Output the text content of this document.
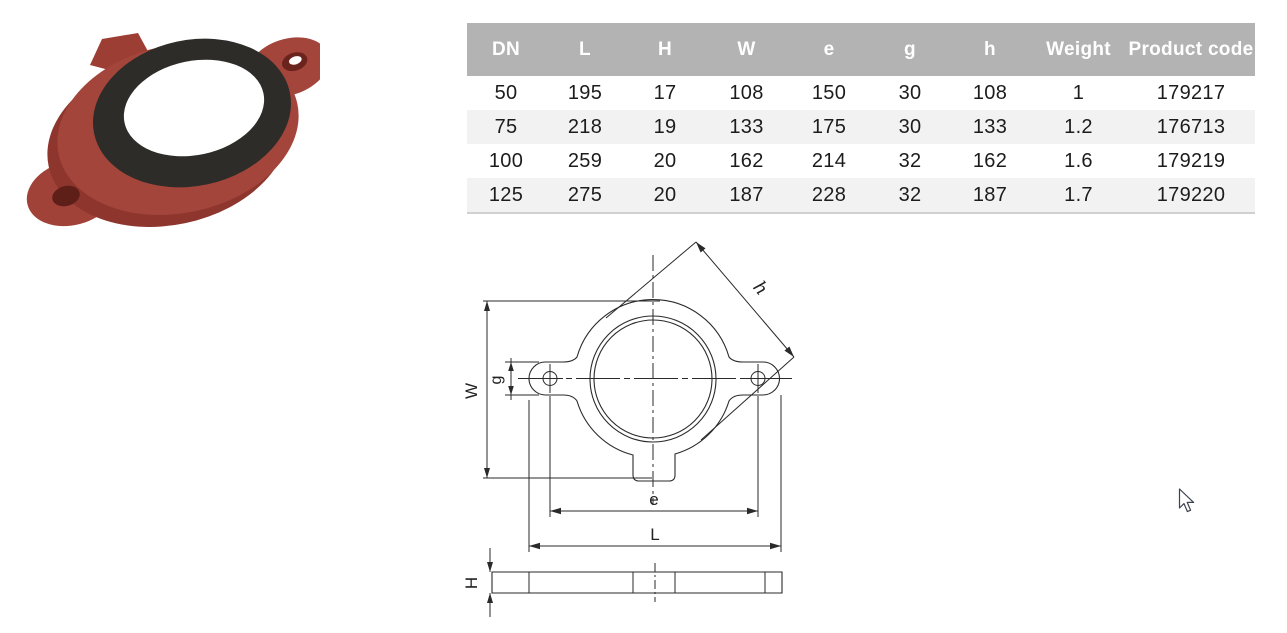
DN	L	H	W	e	g	h	Weight	Product code
50	195	17	108	150	30	108	1	179217
75	218	19	133	175	30	133	1.2	176713
100	259	20	162	214	32	162	1.6	179219
125	275	20	187	228	32	187	1.7	179220
W
g
h
e
L
H
